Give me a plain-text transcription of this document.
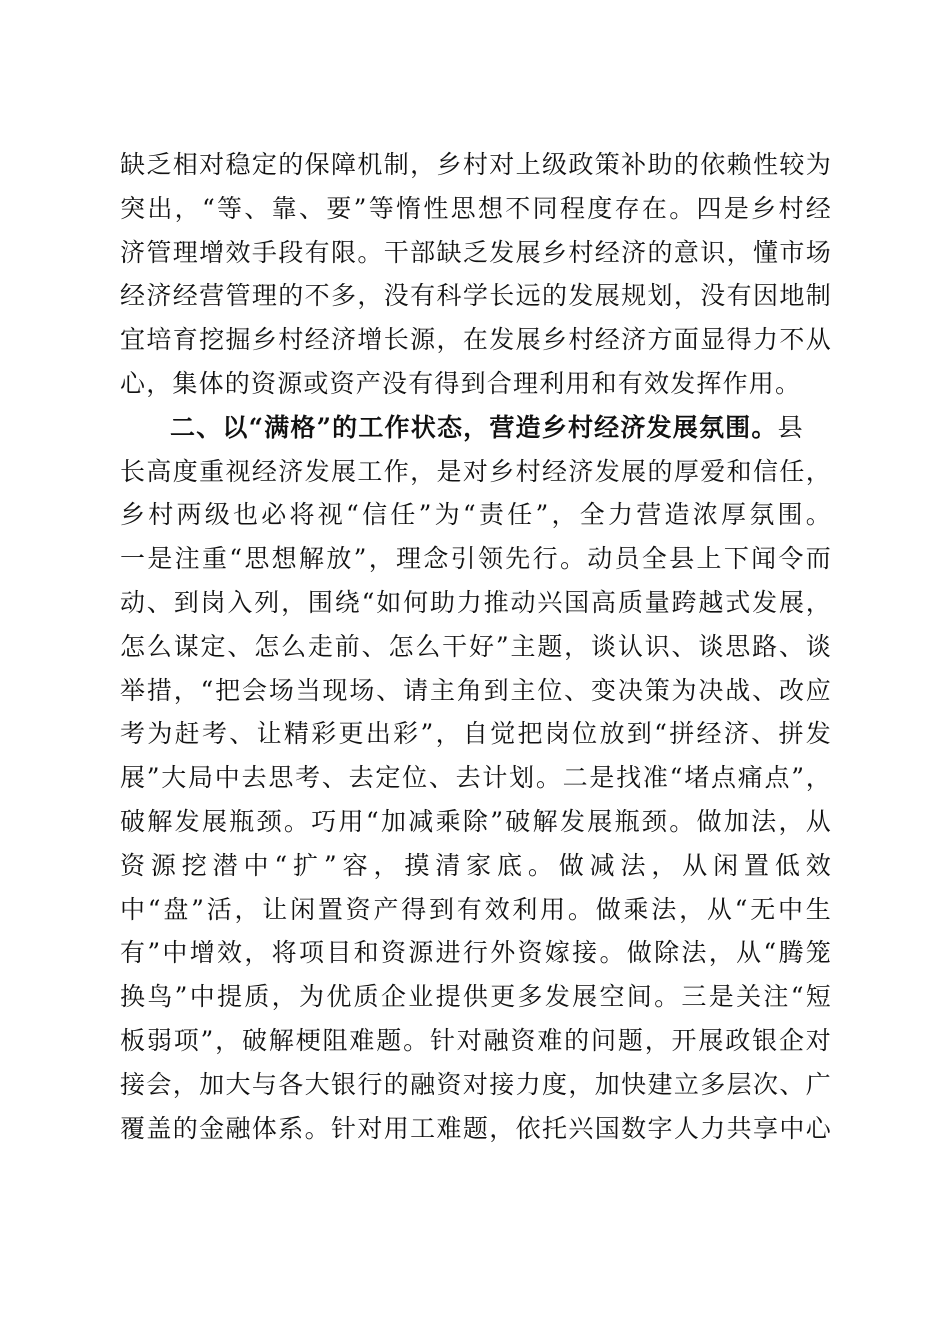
缺乏相对稳定的保障机制，乡村对上级政策补助的依赖性较为
突出，“等、靠、要”等惰性思想不同程度存在。四是乡村经
济管理增效手段有限。干部缺乏发展乡村经济的意识，懂市场
经济经营管理的不多，没有科学长远的发展规划，没有因地制
宜培育挖掘乡村经济增长源，在发展乡村经济方面显得力不从
心，集体的资源或资产没有得到合理利用和有效发挥作用。
二、以“满格”的工作状态，营造乡村经济发展氛围。县
长高度重视经济发展工作，是对乡村经济发展的厚爱和信任，
乡村两级也必将视“信任”为“责任”，全力营造浓厚氛围。
一是注重“思想解放”，理念引领先行。动员全县上下闻令而
动、到岗入列，围绕“如何助力推动兴国高质量跨越式发展，
怎么谋定、怎么走前、怎么干好”主题，谈认识、谈思路、谈
举措，“把会场当现场、请主角到主位、变决策为决战、改应
考为赶考、让精彩更出彩”，自觉把岗位放到“拼经济、拼发
展”大局中去思考、去定位、去计划。二是找准“堵点痛点”，
破解发展瓶颈。巧用“加减乘除”破解发展瓶颈。做加法，从
资源挖潜中“扩”容，摸清家底。做减法，从闲置低效
中“盘”活，让闲置资产得到有效利用。做乘法，从“无中生
有”中增效，将项目和资源进行外资嫁接。做除法，从“腾笼
换鸟”中提质，为优质企业提供更多发展空间。三是关注“短
板弱项”，破解梗阻难题。针对融资难的问题，开展政银企对
接会，加大与各大银行的融资对接力度，加快建立多层次、广
覆盖的金融体系。针对用工难题，依托兴国数字人力共享中心
